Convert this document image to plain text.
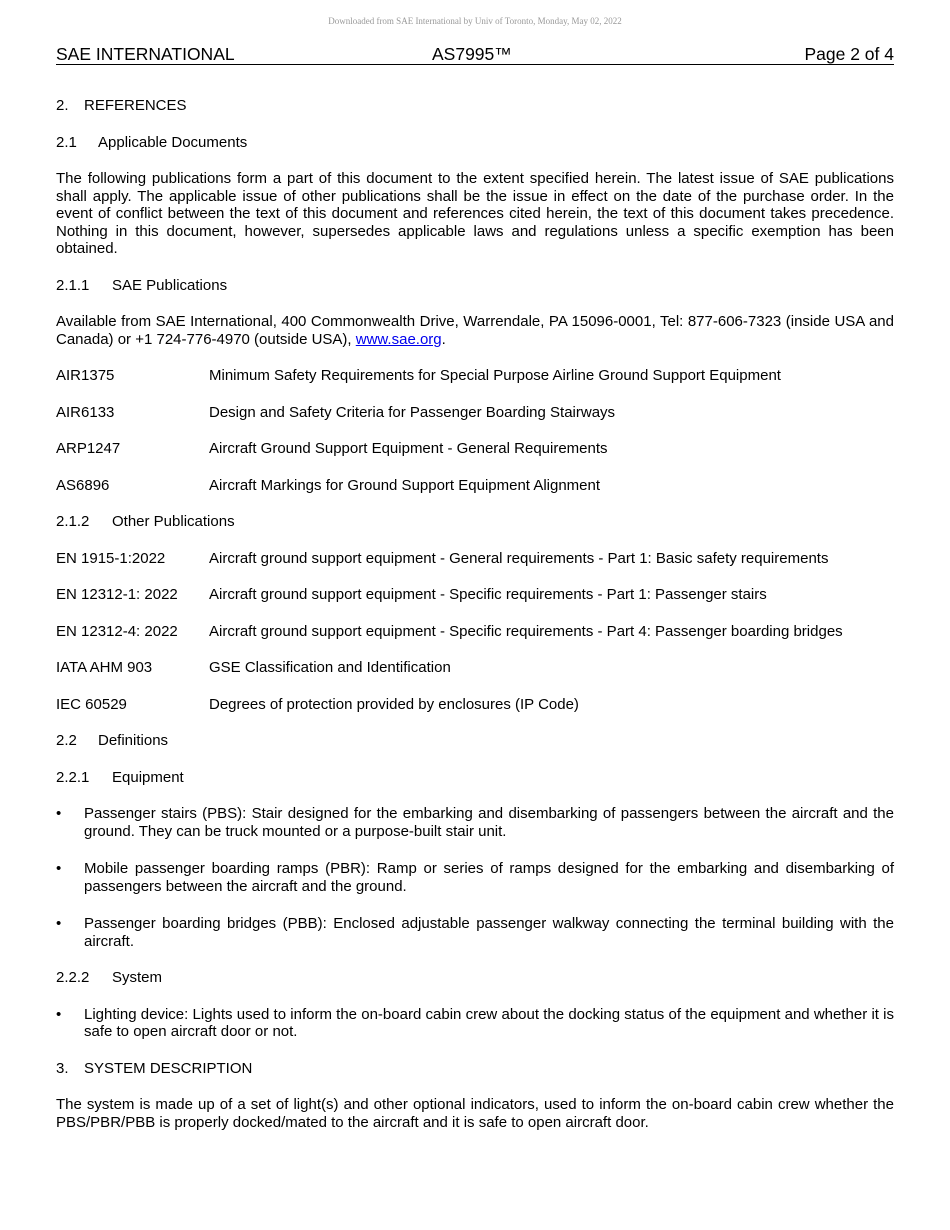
Downloaded from SAE International by Univ of Toronto, Monday, May 02, 2022
SAE INTERNATIONAL	AS7995™	Page 2 of 4
2. REFERENCES
2.1 Applicable Documents

The following publications form a part of this document to the extent specified herein. The latest issue of SAE publications shall apply. The applicable issue of other publications shall be the issue in effect on the date of the purchase order. In the event of conflict between the text of this document and references cited herein, the text of this document takes precedence. Nothing in this document, however, supersedes applicable laws and regulations unless a specific exemption has been obtained.

2.1.1 SAE Publications

Available from SAE International, 400 Commonwealth Drive, Warrendale, PA 15096-0001, Tel: 877-606-7323 (inside USA and Canada) or +1 724-776-4970 (outside USA), www.sae.org.

AIR1375	Minimum Safety Requirements for Special Purpose Airline Ground Support Equipment
AIR6133	Design and Safety Criteria for Passenger Boarding Stairways
ARP1247	Aircraft Ground Support Equipment - General Requirements
AS6896	Aircraft Markings for Ground Support Equipment Alignment
2.1.2 Other Publications
EN 1915-1:2022	Aircraft ground support equipment - General requirements - Part 1: Basic safety requirements
EN 12312-1: 2022 Aircraft ground support equipment - Specific requirements - Part 1: Passenger stairs
EN 12312-4: 2022 Aircraft ground support equipment - Specific requirements - Part 4: Passenger boarding bridges
IATA AHM 903	GSE Classification and Identification
IEC 60529	Degrees of protection provided by enclosures (IP Code)
2.2 Definitions
2.2.1 Equipment
• Passenger stairs (PBS): Stair designed for the embarking and disembarking of passengers between the aircraft and the ground. They can be truck mounted or a purpose-built stair unit.
• Mobile passenger boarding ramps (PBR): Ramp or series of ramps designed for the embarking and disembarking of passengers between the aircraft and the ground.
• Passenger boarding bridges (PBB): Enclosed adjustable passenger walkway connecting the terminal building with the aircraft.
2.2.2 System
• Lighting device: Lights used to inform the on-board cabin crew about the docking status of the equipment and whether it is safe to open aircraft door or not.
3. SYSTEM DESCRIPTION

The system is made up of a set of light(s) and other optional indicators, used to inform the on-board cabin crew whether the PBS/PBR/PBB is properly docked/mated to the aircraft and it is safe to open aircraft door.
